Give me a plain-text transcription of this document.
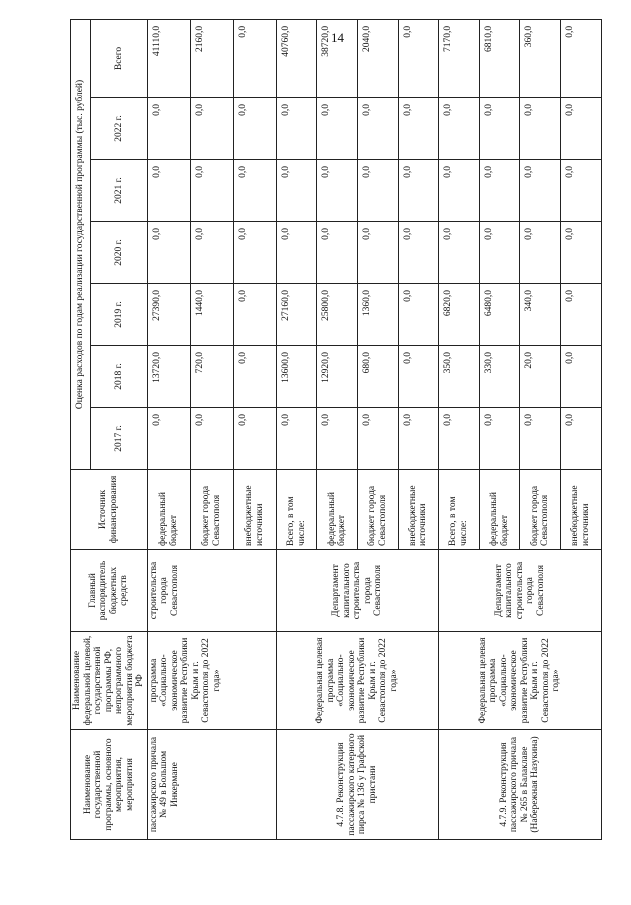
14
Наименование государственной программы, основного мероприятия, мероприятия	Наименование федеральной целевой, государственной программы РФ, непрограммного мероприятия бюджета РФ	Главный распорядитель бюджетных средств	Источник финансирования	Оценка расходов по годам реализации государственной программы (тыс. рублей)						
				2017 г.	2018 г.	2019 г.	2020 г.	2021 г.	2022 г.	Всего
пассажирского причала № 49 в Большом Инкермане	программа «Социально-экономическое развитие Республики Крым и г. Севастополя до 2022 года»	строительства города Севастополя	федеральный бюджет	0,0	13720,0	27390,0	0,0	0,0	0,0	41110,0
			бюджет города Севастополя	0,0	720,0	1440,0	0,0	0,0	0,0	2160,0
			внебюджетные источники	0,0	0,0	0,0	0,0	0,0	0,0	0,0
4.7.8. Реконструкция пассажирского катерного пирса № 136 у Графской пристани	Федеральная целевая программа «Социально-экономическое развитие Республики Крым и г. Севастополя до 2022 года»	Департамент капитального строительства города Севастополя	Всего, в том числе:	0,0	13600,0	27160,0	0,0	0,0	0,0	40760,0
			федеральный бюджет	0,0	12920,0	25800,0	0,0	0,0	0,0	38720,0
			бюджет города Севастополя	0,0	680,0	1360,0	0,0	0,0	0,0	2040,0
			внебюджетные источники	0,0	0,0	0,0	0,0	0,0	0,0	0,0
4.7.9. Реконструкция пассажирского причала № 265 в Балаклаве (Набережная Назукина)	Федеральная целевая программа «Социально-экономическое развитие Республики Крым и г. Севастополя до 2022 года»	Департамент капитального строительства города Севастополя	Всего, в том числе:	0,0	350,0	6820,0	0,0	0,0	0,0	7170,0
			федеральный бюджет	0,0	330,0	6480,0	0,0	0,0	0,0	6810,0
			бюджет города Севастополя	0,0	20,0	340,0	0,0	0,0	0,0	360,0
			внебюджетные источники	0,0	0,0	0,0	0,0	0,0	0,0	0,0
